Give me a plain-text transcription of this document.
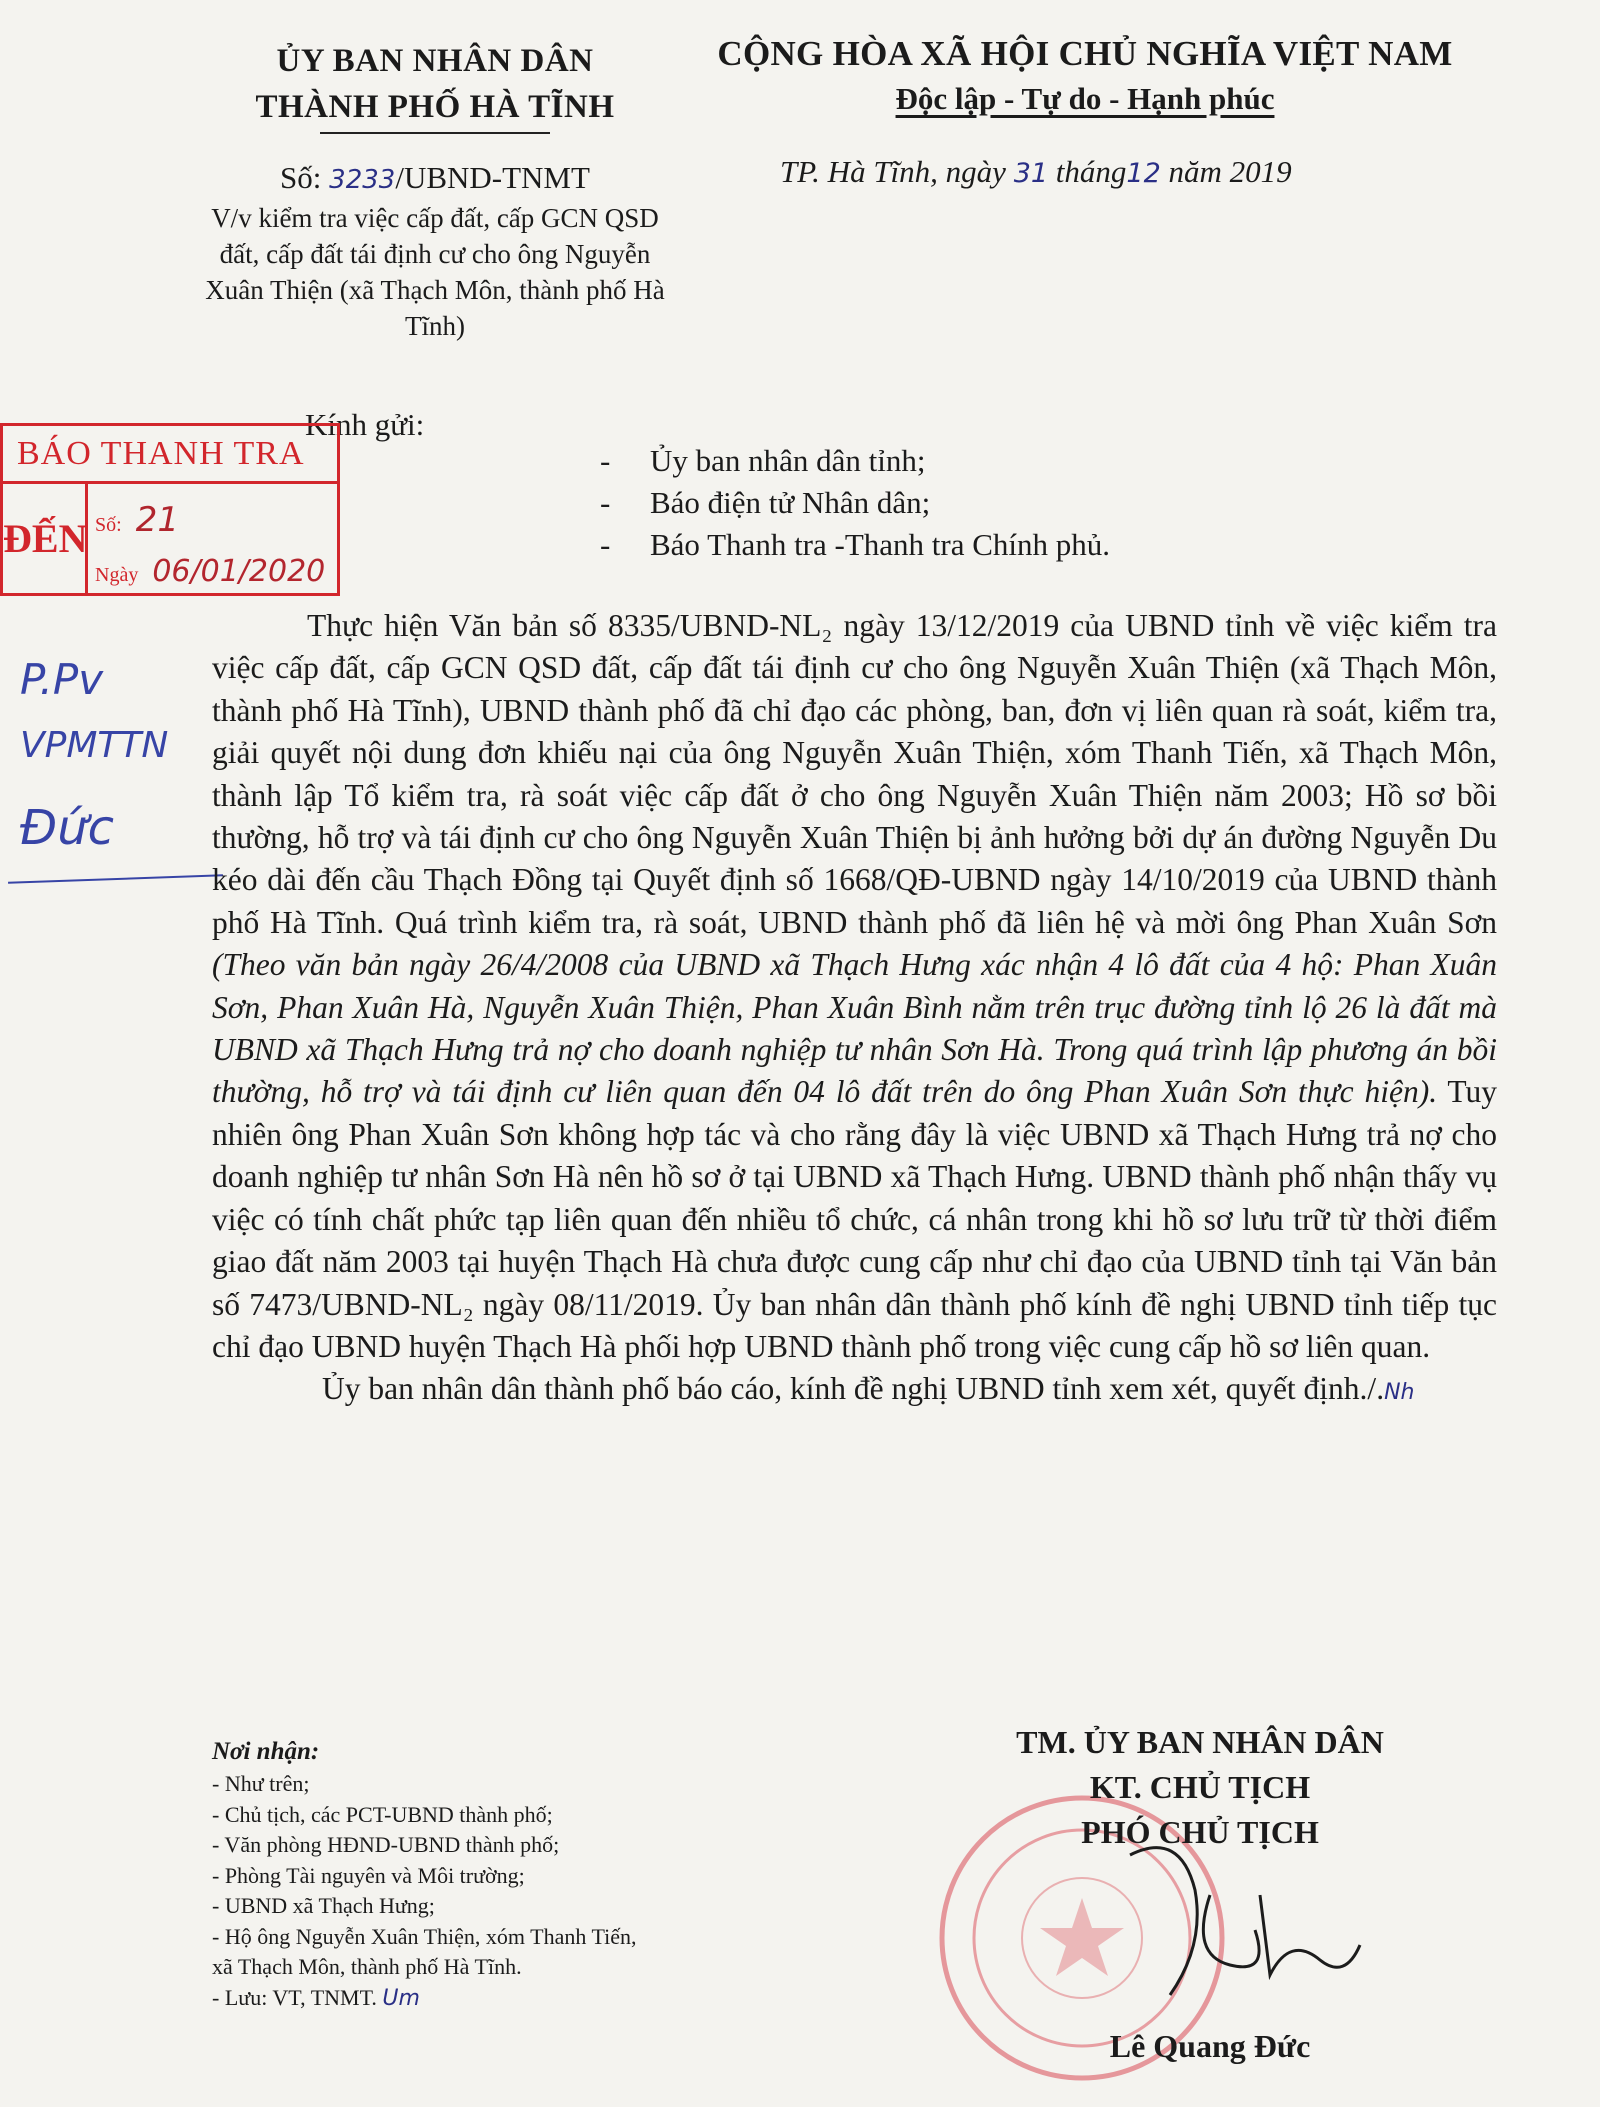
ỦY BAN NHÂN DÂN
THÀNH PHỐ HÀ TĨNH
CỘNG HÒA XÃ HỘI CHỦ NGHĨA VIỆT NAM
Độc lập - Tự do - Hạnh phúc
Số: 3233/UBND-TNMT
V/v kiểm tra việc cấp đất, cấp GCN QSD đất, cấp đất tái định cư cho ông Nguyễn Xuân Thiện (xã Thạch Môn, thành phố Hà Tĩnh)
TP. Hà Tĩnh, ngày 31 tháng12 năm 2019
Kính gửi:
- Ủy ban nhân dân tỉnh;
- Báo điện tử Nhân dân;
- Báo Thanh tra -Thanh tra Chính phủ.
BÁO THANH TRA
ĐẾN Số: 21
Ngày 06/01/2020
P.Pv
VPMTTN
Đức

Thực hiện Văn bản số 8335/UBND-NL₂ ngày 13/12/2019 của UBND tỉnh về việc kiểm tra việc cấp đất, cấp GCN QSD đất, cấp đất tái định cư cho ông Nguyễn Xuân Thiện (xã Thạch Môn, thành phố Hà Tĩnh), UBND thành phố đã chỉ đạo các phòng, ban, đơn vị liên quan rà soát, kiểm tra, giải quyết nội dung đơn khiếu nại của ông Nguyễn Xuân Thiện, xóm Thanh Tiến, xã Thạch Môn, thành lập Tổ kiểm tra, rà soát việc cấp đất ở cho ông Nguyễn Xuân Thiện năm 2003; Hồ sơ bồi thường, hỗ trợ và tái định cư cho ông Nguyễn Xuân Thiện bị ảnh hưởng bởi dự án đường Nguyễn Du kéo dài đến cầu Thạch Đồng tại Quyết định số 1668/QĐ-UBND ngày 14/10/2019 của UBND thành phố Hà Tĩnh. Quá trình kiểm tra, rà soát, UBND thành phố đã liên hệ và mời ông Phan Xuân Sơn (Theo văn bản ngày 26/4/2008 của UBND xã Thạch Hưng xác nhận 4 lô đất của 4 hộ: Phan Xuân Sơn, Phan Xuân Hà, Nguyễn Xuân Thiện, Phan Xuân Bình nằm trên trục đường tỉnh lộ 26 là đất mà UBND xã Thạch Hưng trả nợ cho doanh nghiệp tư nhân Sơn Hà. Trong quá trình lập phương án bồi thường, hỗ trợ và tái định cư liên quan đến 04 lô đất trên do ông Phan Xuân Sơn thực hiện). Tuy nhiên ông Phan Xuân Sơn không hợp tác và cho rằng đây là việc UBND xã Thạch Hưng trả nợ cho doanh nghiệp tư nhân Sơn Hà nên hồ sơ ở tại UBND xã Thạch Hưng. UBND thành phố nhận thấy vụ việc có tính chất phức tạp liên quan đến nhiều tổ chức, cá nhân trong khi hồ sơ lưu trữ từ thời điểm giao đất năm 2003 tại huyện Thạch Hà chưa được cung cấp như chỉ đạo của UBND tỉnh tại Văn bản số 7473/UBND-NL₂ ngày 08/11/2019. Ủy ban nhân dân thành phố kính đề nghị UBND tỉnh tiếp tục chỉ đạo UBND huyện Thạch Hà phối hợp UBND thành phố trong việc cung cấp hồ sơ liên quan.

Ủy ban nhân dân thành phố báo cáo, kính đề nghị UBND tỉnh xem xét, quyết định./.Nh

Nơi nhận:
- Như trên;
- Chủ tịch, các PCT-UBND thành phố;
- Văn phòng HĐND-UBND thành phố;
- Phòng Tài nguyên và Môi trường;
- UBND xã Thạch Hưng;
- Hộ ông Nguyễn Xuân Thiện, xóm Thanh Tiến,
xã Thạch Môn, thành phố Hà Tĩnh.
- Lưu: VT, TNMT. Um
TM. ỦY BAN NHÂN DÂN
KT. CHỦ TỊCH
PHÓ CHỦ TỊCH
Lê Quang Đức
